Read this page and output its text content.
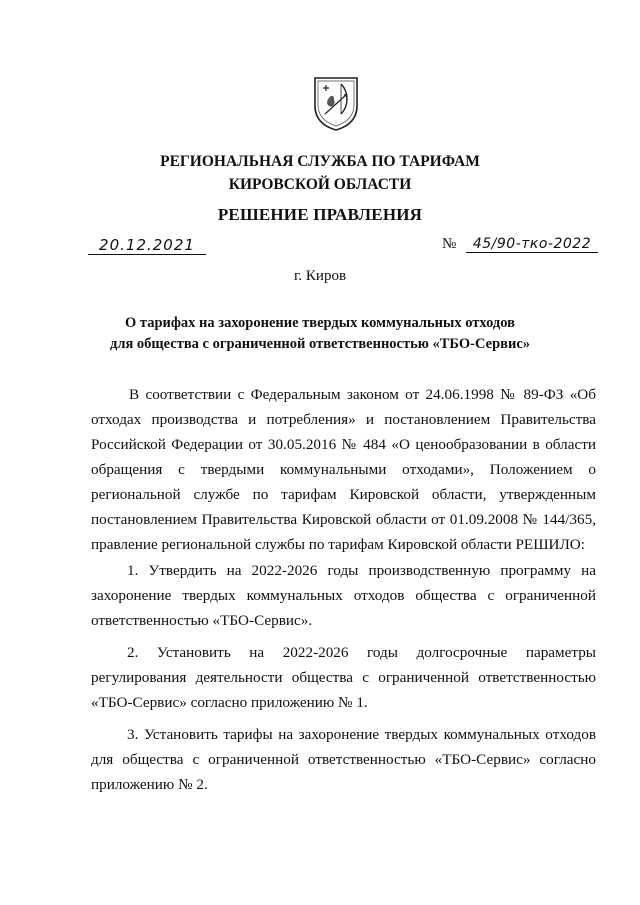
РЕГИОНАЛЬНАЯ СЛУЖБА ПО ТАРИФАМ
КИРОВСКОЙ ОБЛАСТИ
РЕШЕНИЕ ПРАВЛЕНИЯ
20.12.2021	№	45/90-тко-2022
г. Киров
О тарифах на захоронение твердых коммунальных отходов
для общества с ограниченной ответственностью «ТБО-Сервис»

В соответствии с Федеральным законом от 24.06.1998 № 89-ФЗ «Об отходах производства и потребления» и постановлением Правительства Российской Федерации от 30.05.2016 № 484 «О ценообразовании в области обращения с твердыми коммунальными отходами», Положением о региональной службе по тарифам Кировской области, утвержденным постановлением Правительства Кировской области от 01.09.2008 № 144/365, правление региональной службы по тарифам Кировской области РЕШИЛО:

1. Утвердить на 2022-2026 годы производственную программу на захоронение твердых коммунальных отходов общества с ограниченной ответственностью «ТБО-Сервис».

2. Установить на 2022-2026 годы долгосрочные параметры регулирования деятельности общества с ограниченной ответственностью «ТБО-Сервис» согласно приложению № 1.

3. Установить тарифы на захоронение твердых коммунальных отходов для общества с ограниченной ответственностью «ТБО-Сервис» согласно приложению № 2.
